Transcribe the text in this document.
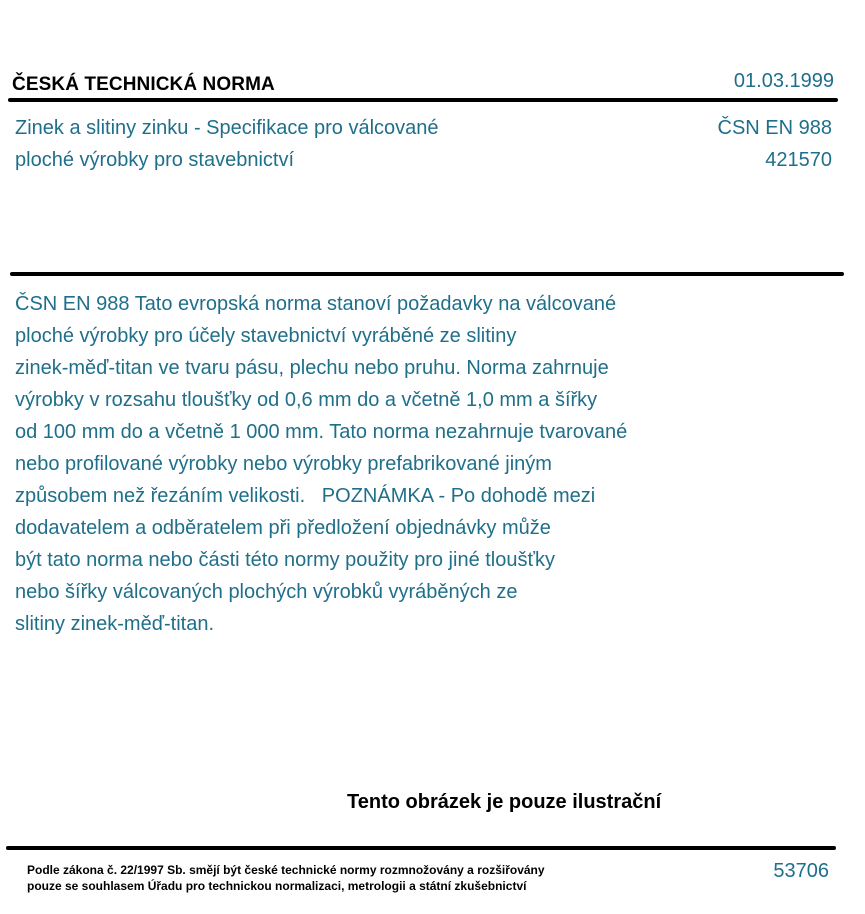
ČESKÁ TECHNICKÁ NORMA	01.03.1999
Zinek a slitiny zinku - Specifikace pro válcované
ploché výrobky pro stavebnictví
ČSN EN 988
421570
ČSN EN 988 Tato evropská norma stanoví požadavky na válcované
ploché výrobky pro účely stavebnictví vyráběné ze slitiny
zinek-měď-titan ve tvaru pásu, plechu nebo pruhu. Norma zahrnuje
výrobky v rozsahu tloušťky od 0,6 mm do a včetně 1,0 mm a šířky
od 100 mm do a včetně 1 000 mm. Tato norma nezahrnuje tvarované
nebo profilované výrobky nebo výrobky prefabrikované jiným
způsobem než řezáním velikosti.   POZNÁMKA - Po dohodě mezi
dodavatelem a odběratelem při předložení objednávky může
být tato norma nebo části této normy použity pro jiné tloušťky
nebo šířky válcovaných plochých výrobků vyráběných ze
slitiny zinek-měď-titan.
Tento obrázek je pouze ilustrační
Podle zákona č. 22/1997 Sb. smějí být české technické normy rozmnožovány a rozšiřovány
pouze se souhlasem Úřadu pro technickou normalizaci, metrologii a státní zkušebnictví
53706
